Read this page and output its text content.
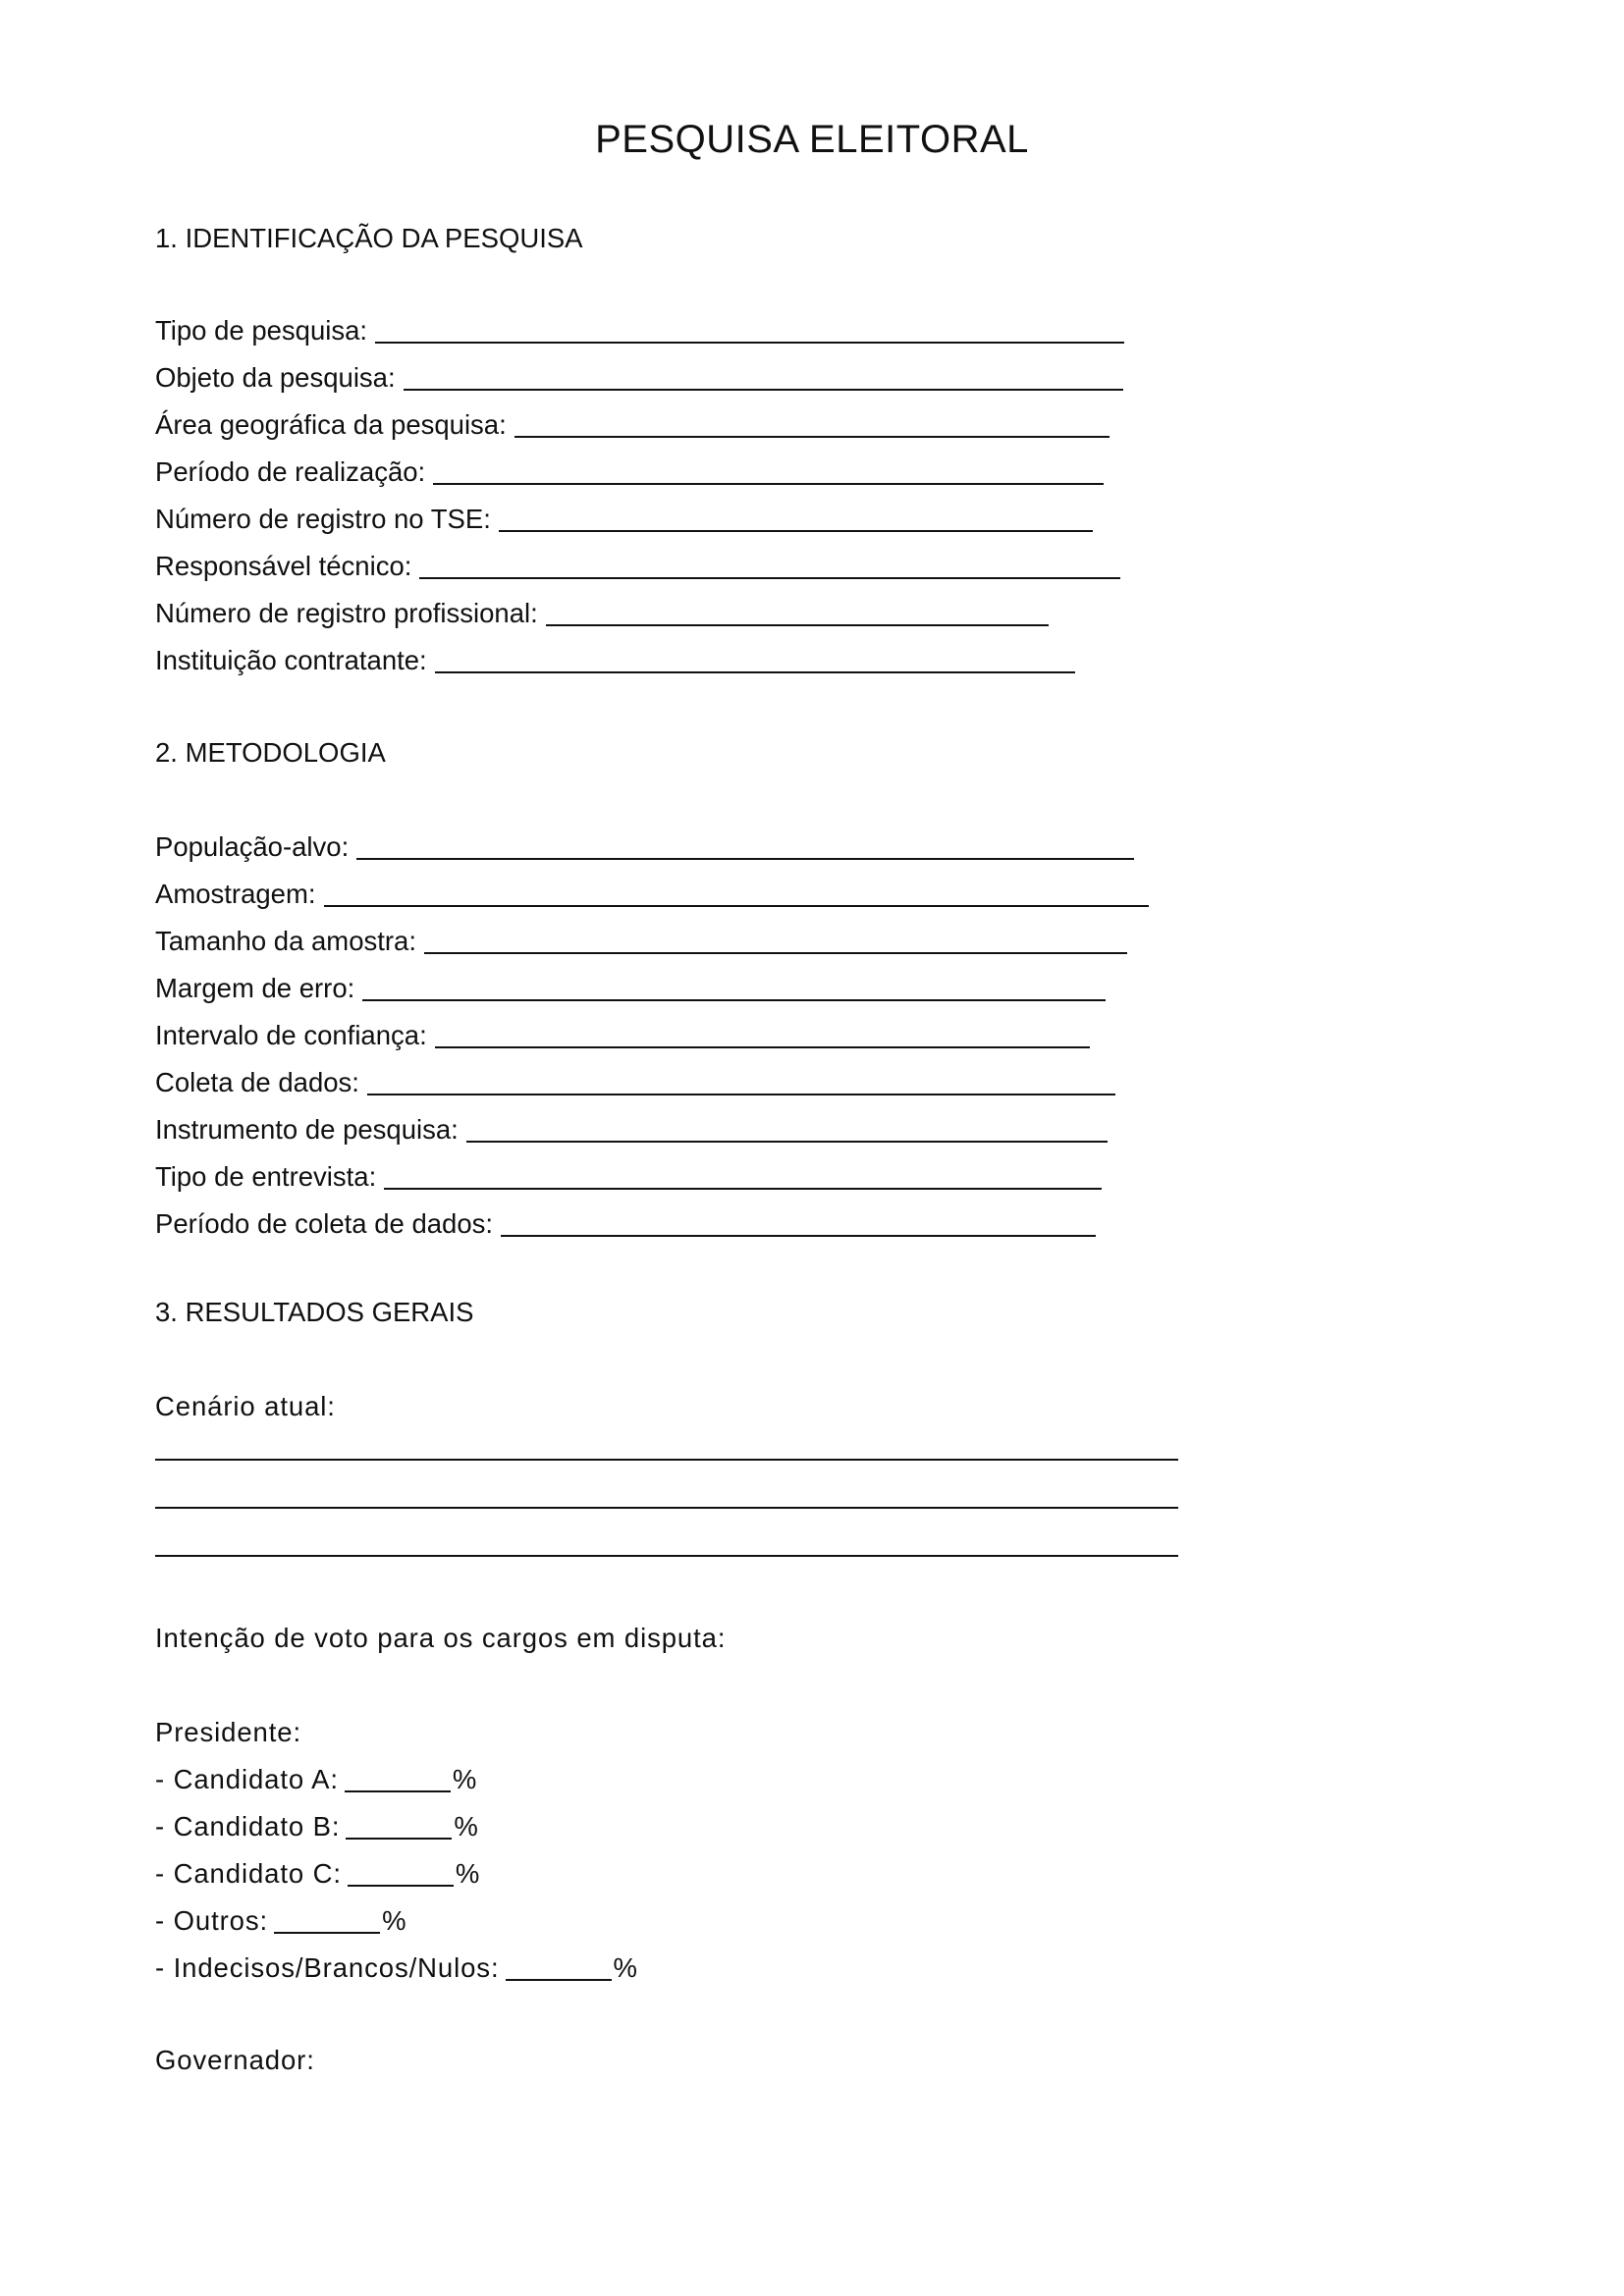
PESQUISA ELEITORAL
1. IDENTIFICAÇÃO DA PESQUISA
Tipo de pesquisa:
Objeto da pesquisa:
Área geográfica da pesquisa:
Período de realização:
Número de registro no TSE:
Responsável técnico:
Número de registro profissional:
Instituição contratante:
2. METODOLOGIA
População-alvo:
Amostragem:
Tamanho da amostra:
Margem de erro:
Intervalo de confiança:
Coleta de dados:
Instrumento de pesquisa:
Tipo de entrevista:
Período de coleta de dados:
3. RESULTADOS GERAIS
Cenário atual:
Intenção de voto para os cargos em disputa:
Presidente:
- Candidato A:	%
- Candidato B:	%
- Candidato C:	%
- Outros:	%
- Indecisos/Brancos/Nulos:	%
Governador:
